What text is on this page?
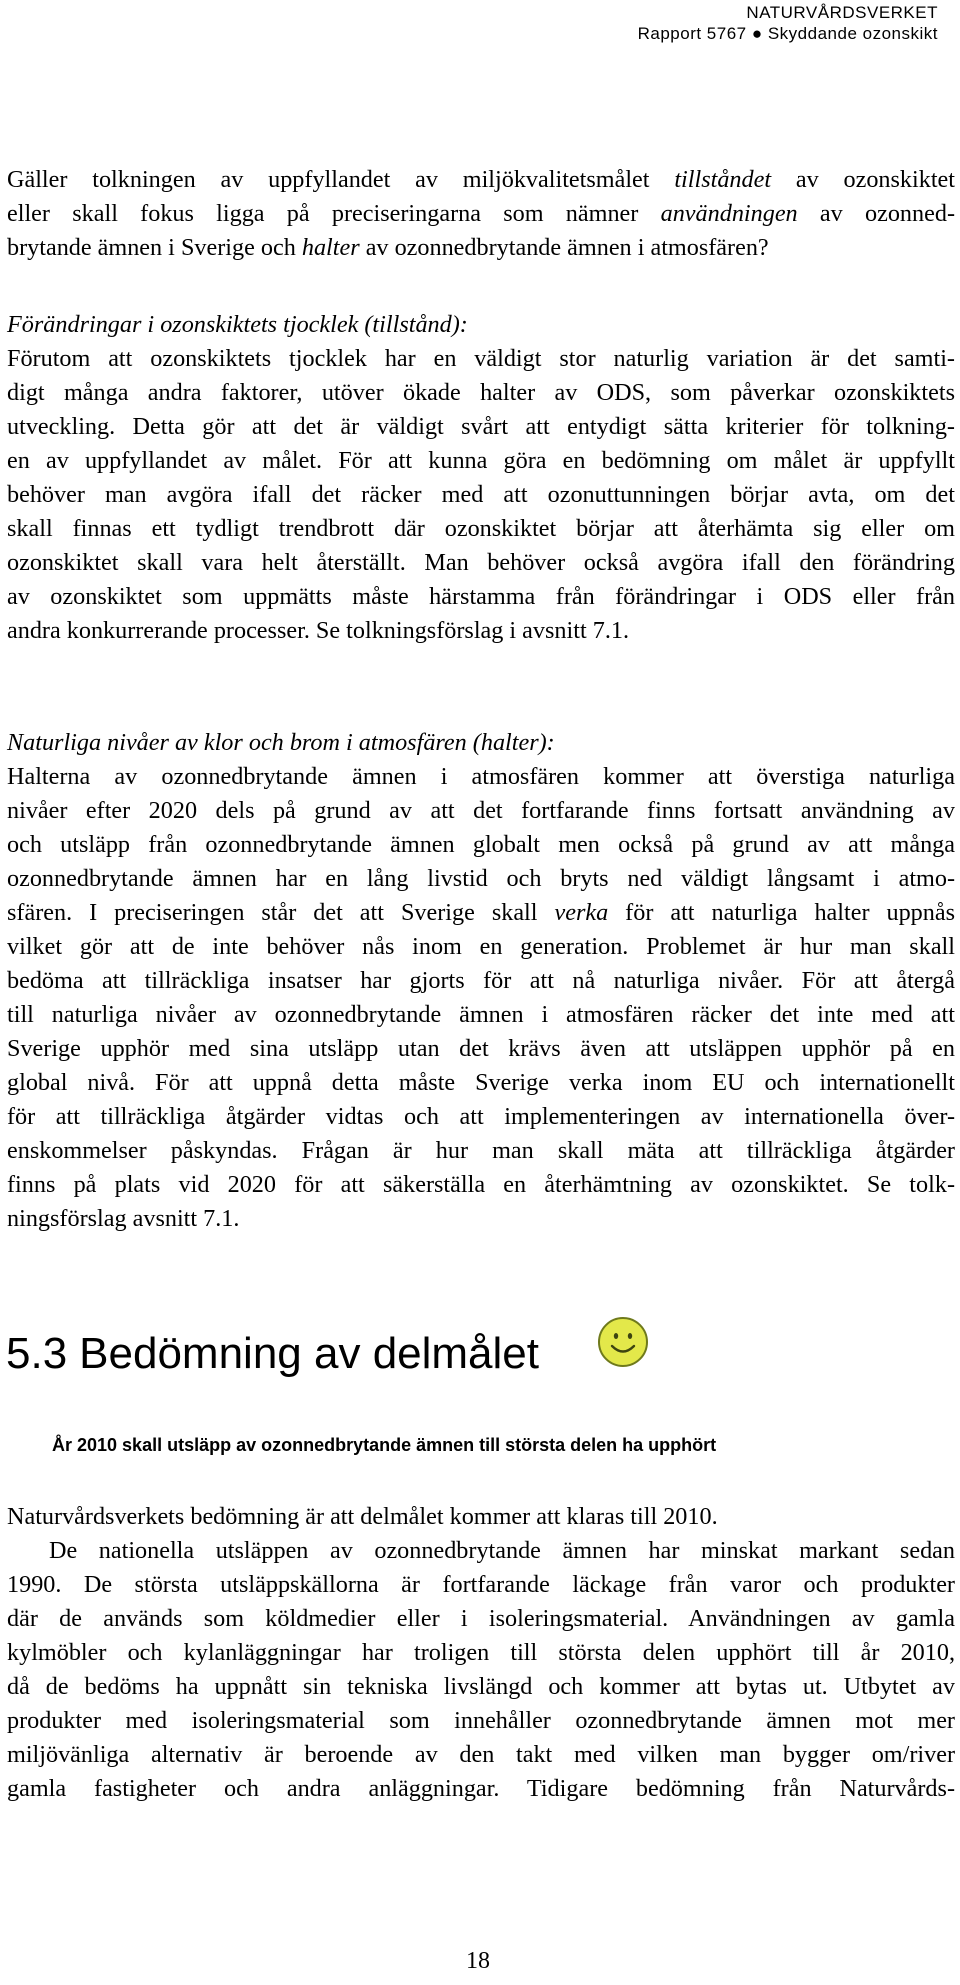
NATURVÅRDSVERKET
Rapport 5767 ● Skyddande ozonskikt
Gäller tolkningen av uppfyllandet av miljökvalitetsmålet tillståndet av ozonskiktet
eller skall fokus ligga på preciseringarna som nämner användningen av ozonned-
brytande ämnen i Sverige och halter av ozonnedbrytande ämnen i atmosfären?
Förändringar i ozonskiktets tjocklek (tillstånd):
Förutom att ozonskiktets tjocklek har en väldigt stor naturlig variation är det samti-
digt många andra faktorer, utöver ökade halter av ODS, som påverkar ozonskiktets
utveckling. Detta gör att det är väldigt svårt att entydigt sätta kriterier för tolkning-
en av uppfyllandet av målet. För att kunna göra en bedömning om målet är uppfyllt
behöver man avgöra ifall det räcker med att ozonuttunningen börjar avta, om det
skall finnas ett tydligt trendbrott där ozonskiktet börjar att återhämta sig eller om
ozonskiktet skall vara helt återställt. Man behöver också avgöra ifall den förändring
av ozonskiktet som uppmätts måste härstamma från förändringar i ODS eller från
andra konkurrerande processer. Se tolkningsförslag i avsnitt 7.1.
Naturliga nivåer av klor och brom i atmosfären (halter):
Halterna av ozonnedbrytande ämnen i atmosfären kommer att överstiga naturliga
nivåer efter 2020 dels på grund av att det fortfarande finns fortsatt användning av
och utsläpp från ozonnedbrytande ämnen globalt men också på grund av att många
ozonnedbrytande ämnen har en lång livstid och bryts ned väldigt långsamt i atmo-
sfären. I preciseringen står det att Sverige skall verka för att naturliga halter uppnås
vilket gör att de inte behöver nås inom en generation. Problemet är hur man skall
bedöma att tillräckliga insatser har gjorts för att nå naturliga nivåer. För att återgå
till naturliga nivåer av ozonnedbrytande ämnen i atmosfären räcker det inte med att
Sverige upphör med sina utsläpp utan det krävs även att utsläppen upphör på en
global nivå. För att uppnå detta måste Sverige verka inom EU och internationellt
för att tillräckliga åtgärder vidtas och att implementeringen av internationella över-
enskommelser påskyndas. Frågan är hur man skall mäta att tillräckliga åtgärder
finns på plats vid 2020 för att säkerställa en återhämtning av ozonskiktet. Se tolk-
ningsförslag avsnitt 7.1.
5.3 Bedömning av delmålet

År 2010 skall utsläpp av ozonnedbrytande ämnen till största delen ha upphört

Naturvårdsverkets bedömning är att delmålet kommer att klaras till 2010.
De nationella utsläppen av ozonnedbrytande ämnen har minskat markant sedan
1990. De största utsläppskällorna är fortfarande läckage från varor och produkter
där de används som köldmedier eller i isoleringsmaterial. Användningen av gamla
kylmöbler och kylanläggningar har troligen till största delen upphört till år 2010,
då de bedöms ha uppnått sin tekniska livslängd och kommer att bytas ut. Utbytet av
produkter med isoleringsmaterial som innehåller ozonnedbrytande ämnen mot mer
miljövänliga alternativ är beroende av den takt med vilken man bygger om/river
gamla fastigheter och andra anläggningar. Tidigare bedömning från Naturvårds-
18
